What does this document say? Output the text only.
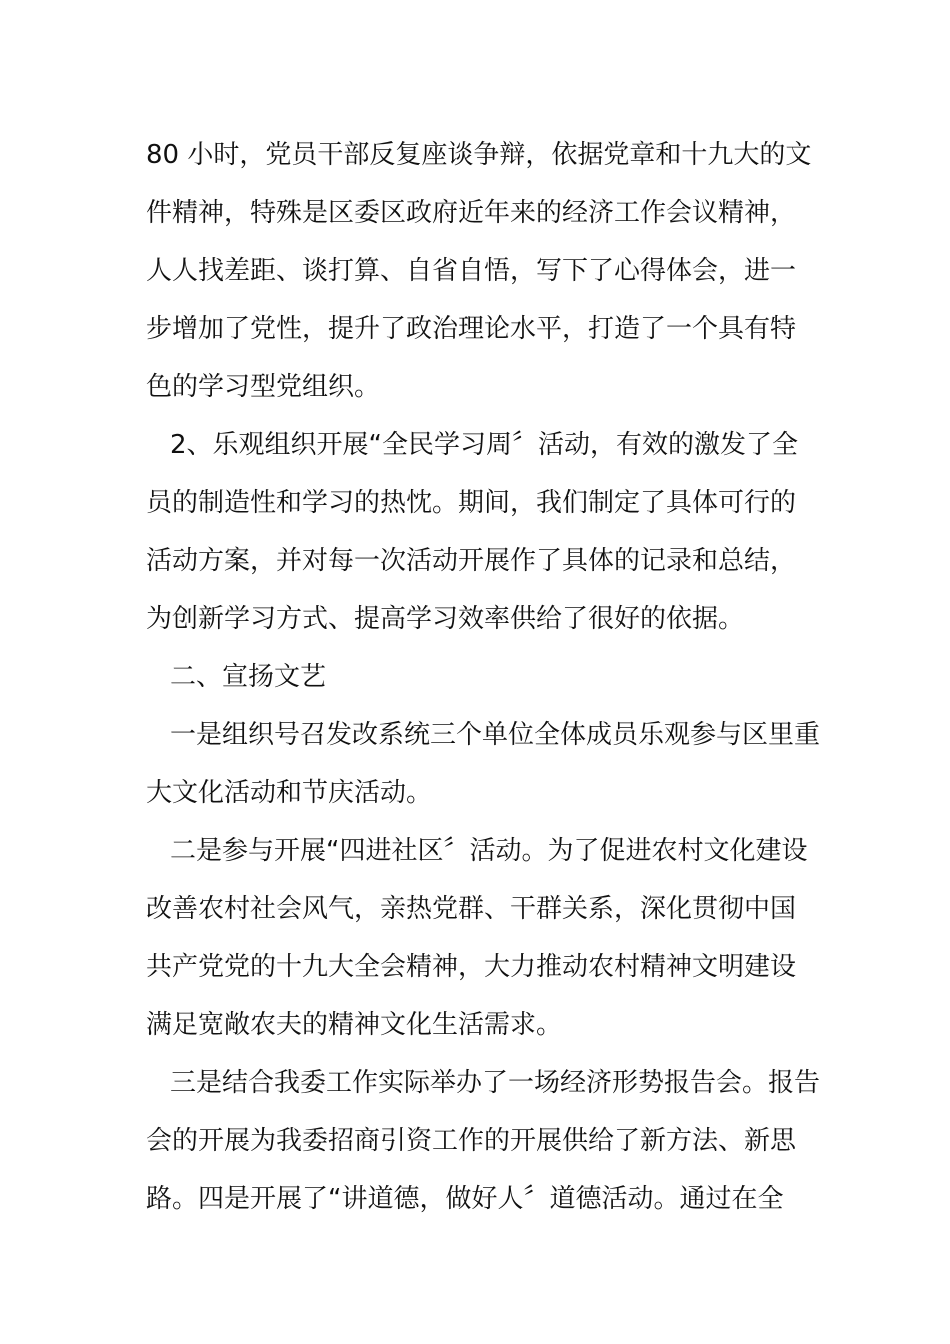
80 小时，党员干部反复座谈争辩，依据党章和十九大的文
件精神，特殊是区委区政府近年来的经济工作会议精神，
人人找差距、谈打算、自省自悟，写下了心得体会，进一
步增加了党性，提升了政治理论水平，打造了一个具有特
色的学习型党组织。

2、乐观组织开展“全民学习周〞活动，有效的激发了全
员的制造性和学习的热忱。期间，我们制定了具体可行的
活动方案，并对每一次活动开展作了具体的记录和总结，
为创新学习方式、提高学习效率供给了很好的依据。

二、宣扬文艺

一是组织号召发改系统三个单位全体成员乐观参与区里重
大文化活动和节庆活动。

二是参与开展“四进社区〞活动。为了促进农村文化建设
改善农村社会风气，亲热党群、干群关系，深化贯彻中国
共产党党的十九大全会精神，大力推动农村精神文明建设
满足宽敞农夫的精神文化生活需求。

三是结合我委工作实际举办了一场经济形势报告会。报告
会的开展为我委招商引资工作的开展供给了新方法、新思
路。四是开展了“讲道德，做好人〞道德活动。通过在全
